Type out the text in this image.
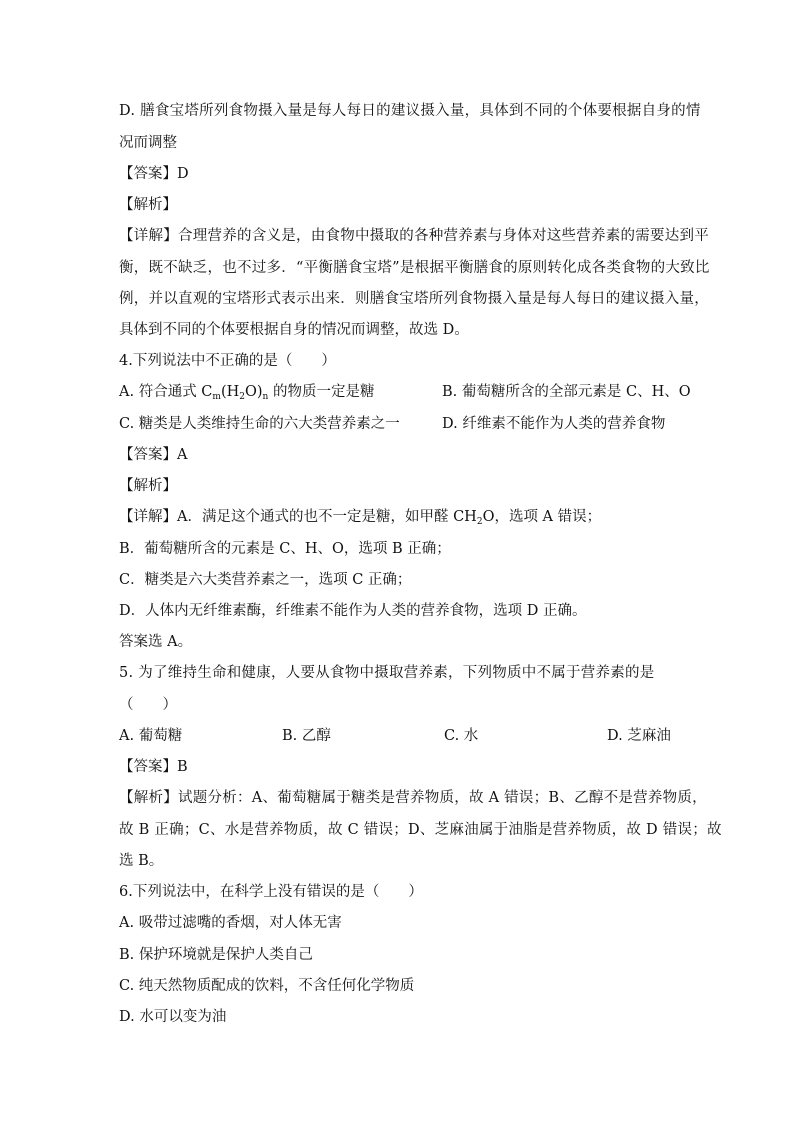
D. 膳食宝塔所列食物摄入量是每人每日的建议摄入量，具体到不同的个体要根据自身的情
况而调整
【答案】D
【解析】
【详解】合理营养的含义是，由食物中摄取的各种营养素与身体对这些营养素的需要达到平
衡，既不缺乏，也不过多．“平衡膳食宝塔”是根据平衡膳食的原则转化成各类食物的大致比
例，并以直观的宝塔形式表示出来．则膳食宝塔所列食物摄入量是每人每日的建议摄入量，
具体到不同的个体要根据自身的情况而调整，故选 D。
4.下列说法中不正确的是（　　）
A. 符合通式 $C_m(H_2O)_n$ 的物质一定是糖	B. 葡萄糖所含的全部元素是 C、H、O
C. 糖类是人类维持生命的六大类营养素之一	D. 纤维素不能作为人类的营养食物
【答案】A
【解析】
【详解】A．满足这个通式的也不一定是糖，如甲醛 $CH_2O$，选项 A 错误；
B．葡萄糖所含的元素是 C、H、O，选项 B 正确；
C．糖类是六大类营养素之一，选项 C 正确；
D．人体内无纤维素酶，纤维素不能作为人类的营养食物，选项 D 正确。
答案选 A。
5. 为了维持生命和健康，人要从食物中摄取营养素，下列物质中不属于营养素的是
（　　）
A. 葡萄糖	B. 乙醇	C. 水	D. 芝麻油
【答案】B
【解析】试题分析：A、葡萄糖属于糖类是营养物质，故 A 错误；B、乙醇不是营养物质，
故 B 正确；C、水是营养物质，故 C 错误；D、芝麻油属于油脂是营养物质，故 D 错误；故
选 B。
6.下列说法中，在科学上没有错误的是（　　）
A. 吸带过滤嘴的香烟，对人体无害
B. 保护环境就是保护人类自己
C. 纯天然物质配成的饮料，不含任何化学物质
D. 水可以变为油
